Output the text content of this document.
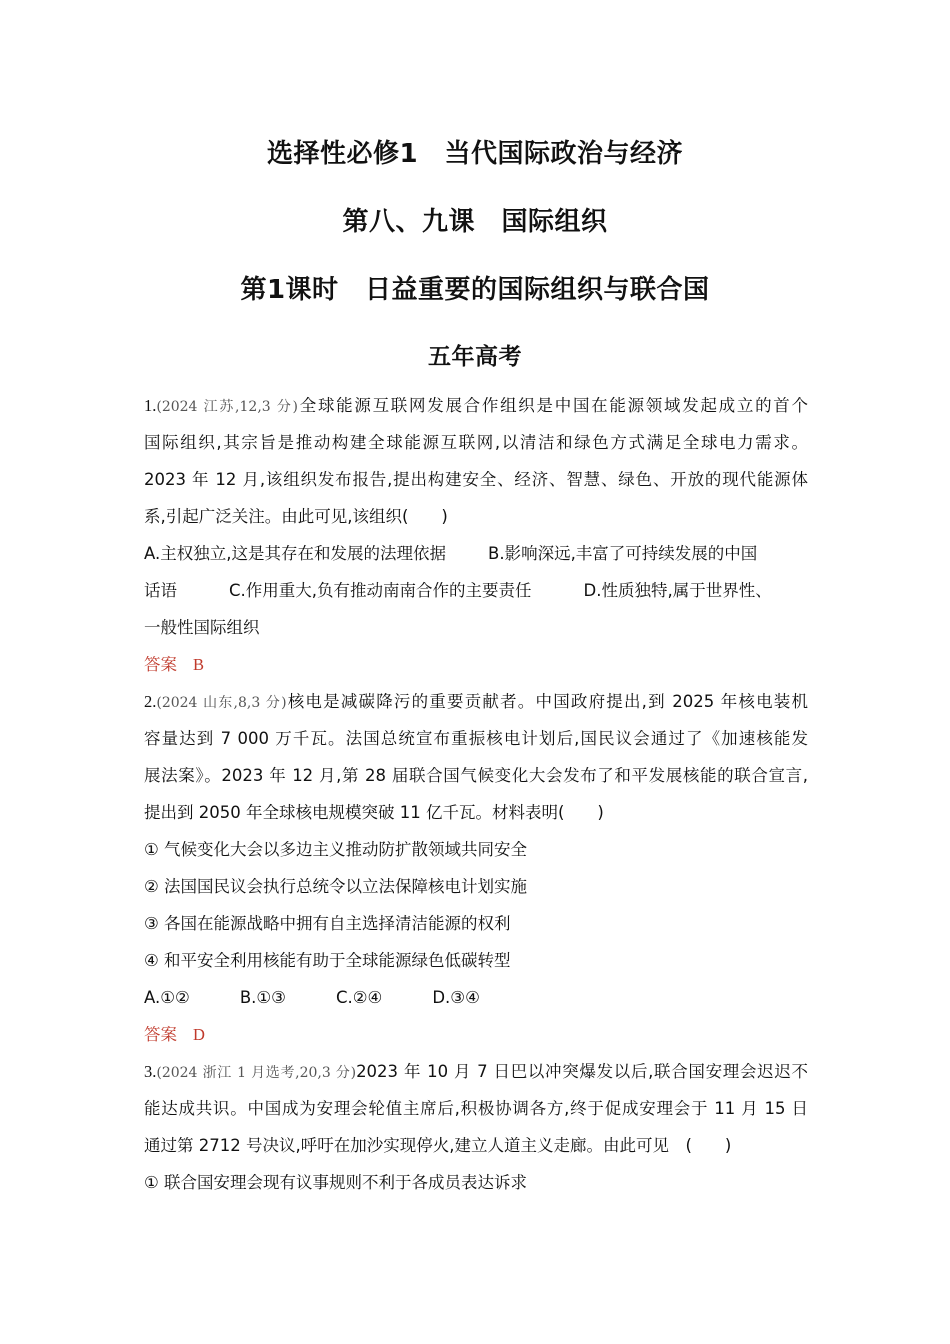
选择性必修1　当代国际政治与经济
第八、九课　国际组织
第1课时　日益重要的国际组织与联合国
五年高考
1.(2024 江苏,12,3 分)全球能源互联网发展合作组织是中国在能源领域发起成立的首个
国际组织,其宗旨是推动构建全球能源互联网,以清洁和绿色方式满足全球电力需求。
2023 年 12 月,该组织发布报告,提出构建安全、经济、智慧、绿色、开放的现代能源体
系,引起广泛关注。由此可见,该组织(　　)
A.主权独立,这是其存在和发展的法理依据	B.影响深远,丰富了可持续发展的中国
话语	C.作用重大,负有推动南南合作的主要责任	D.性质独特,属于世界性、
一般性国际组织
答案 B
2.(2024 山东,8,3 分)核电是减碳降污的重要贡献者。中国政府提出,到 2025 年核电装机
容量达到 7 000 万千瓦。法国总统宣布重振核电计划后,国民议会通过了《加速核能发
展法案》。2023 年 12 月,第 28 届联合国气候变化大会发布了和平发展核能的联合宣言,
提出到 2050 年全球核电规模突破 11 亿千瓦。材料表明(　　)
① 气候变化大会以多边主义推动防扩散领域共同安全
② 法国国民议会执行总统令以立法保障核电计划实施
③ 各国在能源战略中拥有自主选择清洁能源的权利
④ 和平安全利用核能有助于全球能源绿色低碳转型
A.①②	B.①③	C.②④	D.③④
答案 D
3.(2024 浙江 1 月选考,20,3 分)2023 年 10 月 7 日巴以冲突爆发以后,联合国安理会迟迟不
能达成共识。中国成为安理会轮值主席后,积极协调各方,终于促成安理会于 11 月 15 日
通过第 2712 号决议,呼吁在加沙实现停火,建立人道主义走廊。由此可见　(　　)
① 联合国安理会现有议事规则不利于各成员表达诉求
